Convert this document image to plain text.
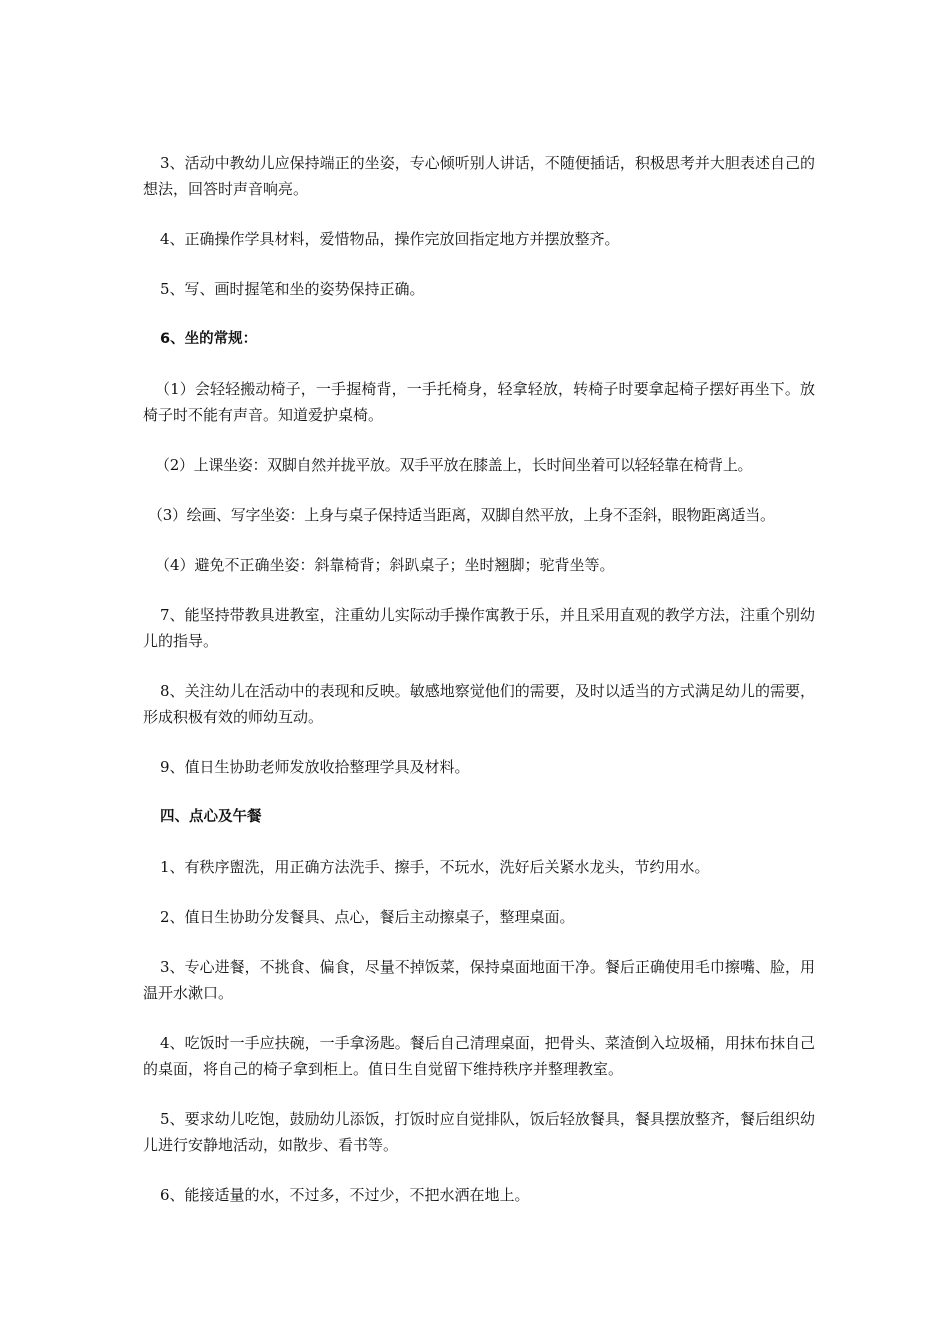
3、活动中教幼儿应保持端正的坐姿，专心倾听别人讲话，不随便插话，积极思考并大胆表述自己的想法，回答时声音响亮。

4、正确操作学具材料，爱惜物品，操作完放回指定地方并摆放整齐。

5、写、画时握笔和坐的姿势保持正确。

6、坐的常规：

（1）会轻轻搬动椅子，一手握椅背，一手托椅身，轻拿轻放，转椅子时要拿起椅子摆好再坐下。放椅子时不能有声音。知道爱护桌椅。

（2）上课坐姿：双脚自然并拢平放。双手平放在膝盖上，长时间坐着可以轻轻靠在椅背上。

（3）绘画、写字坐姿：上身与桌子保持适当距离，双脚自然平放，上身不歪斜，眼物距离适当。

（4）避免不正确坐姿：斜靠椅背；斜趴桌子；坐时翘脚；驼背坐等。

7、能坚持带教具进教室，注重幼儿实际动手操作寓教于乐，并且采用直观的教学方法，注重个别幼儿的指导。

8、关注幼儿在活动中的表现和反映。敏感地察觉他们的需要，及时以适当的方式满足幼儿的需要，形成积极有效的师幼互动。

9、值日生协助老师发放收拾整理学具及材料。

四、点心及午餐

1、有秩序盥洗，用正确方法洗手、擦手，不玩水，洗好后关紧水龙头，节约用水。

2、值日生协助分发餐具、点心，餐后主动擦桌子，整理桌面。

3、专心进餐，不挑食、偏食，尽量不掉饭菜，保持桌面地面干净。餐后正确使用毛巾擦嘴、脸，用温开水漱口。

4、吃饭时一手应扶碗，一手拿汤匙。餐后自己清理桌面，把骨头、菜渣倒入垃圾桶，用抹布抹自己的桌面，将自己的椅子拿到柜上。值日生自觉留下维持秩序并整理教室。

5、要求幼儿吃饱，鼓励幼儿添饭，打饭时应自觉排队，饭后轻放餐具，餐具摆放整齐，餐后组织幼儿进行安静地活动，如散步、看书等。

6、能接适量的水，不过多，不过少，不把水洒在地上。
